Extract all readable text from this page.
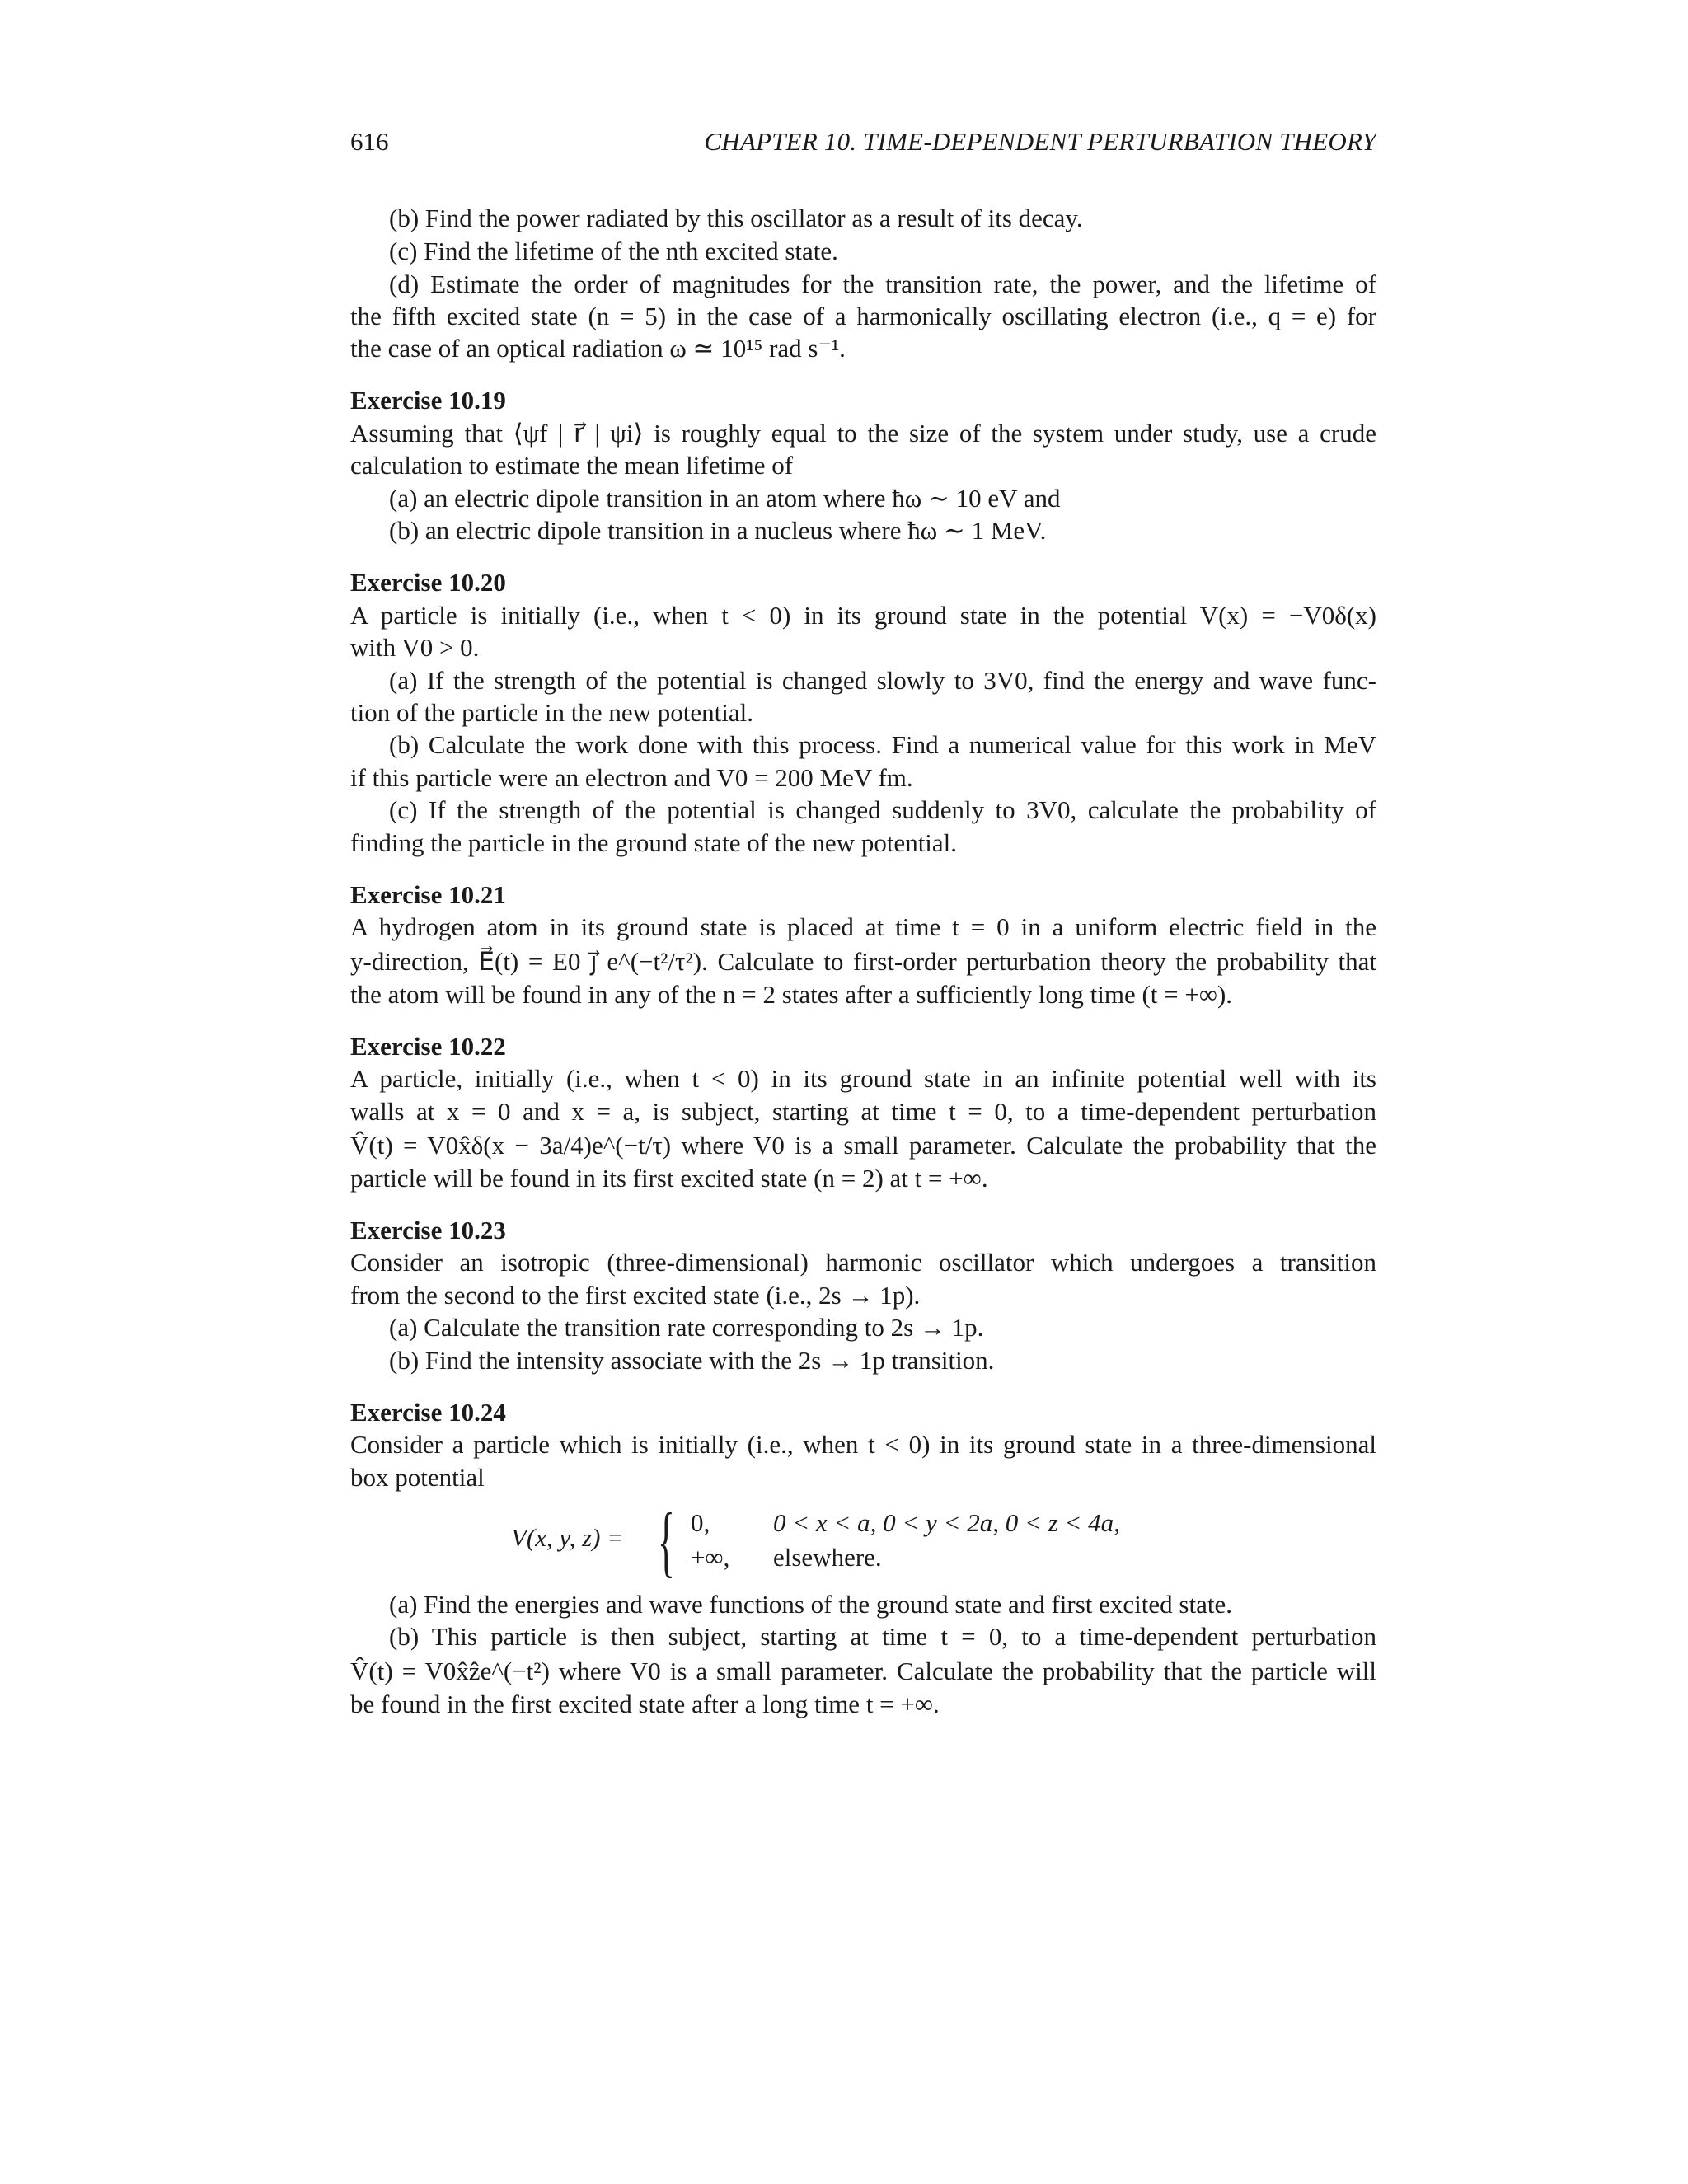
616	CHAPTER 10. TIME-DEPENDENT PERTURBATION THEORY
(b) Find the power radiated by this oscillator as a result of its decay.
(c) Find the lifetime of the nth excited state.
(d) Estimate the order of magnitudes for the transition rate, the power, and the lifetime of
the fifth excited state (n = 5) in the case of a harmonically oscillating electron (i.e., q = e) for
the case of an optical radiation ω ≃ 10¹⁵ rad s⁻¹.
Exercise 10.19
Assuming that ⟨ψf | r⃗ | ψi⟩ is roughly equal to the size of the system under study, use a crude
calculation to estimate the mean lifetime of
(a) an electric dipole transition in an atom where ħω ∼ 10 eV and
(b) an electric dipole transition in a nucleus where ħω ∼ 1 MeV.
Exercise 10.20
A particle is initially (i.e., when t < 0) in its ground state in the potential V(x) = −V0δ(x)
with V0 > 0.
(a) If the strength of the potential is changed slowly to 3V0, find the energy and wave func-
tion of the particle in the new potential.
(b) Calculate the work done with this process. Find a numerical value for this work in MeV
if this particle were an electron and V0 = 200 MeV fm.
(c) If the strength of the potential is changed suddenly to 3V0, calculate the probability of
finding the particle in the ground state of the new potential.
Exercise 10.21
A hydrogen atom in its ground state is placed at time t = 0 in a uniform electric field in the
y-direction, E⃗(t) = E0 j⃗ e^(−t²/τ²). Calculate to first-order perturbation theory the probability that
the atom will be found in any of the n = 2 states after a sufficiently long time (t = +∞).
Exercise 10.22
A particle, initially (i.e., when t < 0) in its ground state in an infinite potential well with its
walls at x = 0 and x = a, is subject, starting at time t = 0, to a time-dependent perturbation
V̂(t) = V0x̂δ(x − 3a/4)e^(−t/τ) where V0 is a small parameter. Calculate the probability that the
particle will be found in its first excited state (n = 2) at t = +∞.
Exercise 10.23
Consider an isotropic (three-dimensional) harmonic oscillator which undergoes a transition
from the second to the first excited state (i.e., 2s → 1p).
(a) Calculate the transition rate corresponding to 2s → 1p.
(b) Find the intensity associate with the 2s → 1p transition.
Exercise 10.24
Consider a particle which is initially (i.e., when t < 0) in its ground state in a three-dimensional
box potential
V(x, y, z) = { 0, 0 < x < a, 0 < y < 2a, 0 < z < 4a,
+∞, elsewhere.
(a) Find the energies and wave functions of the ground state and first excited state.
(b) This particle is then subject, starting at time t = 0, to a time-dependent perturbation
V̂(t) = V0x̂ẑe^(−t²) where V0 is a small parameter. Calculate the probability that the particle will
be found in the first excited state after a long time t = +∞.
